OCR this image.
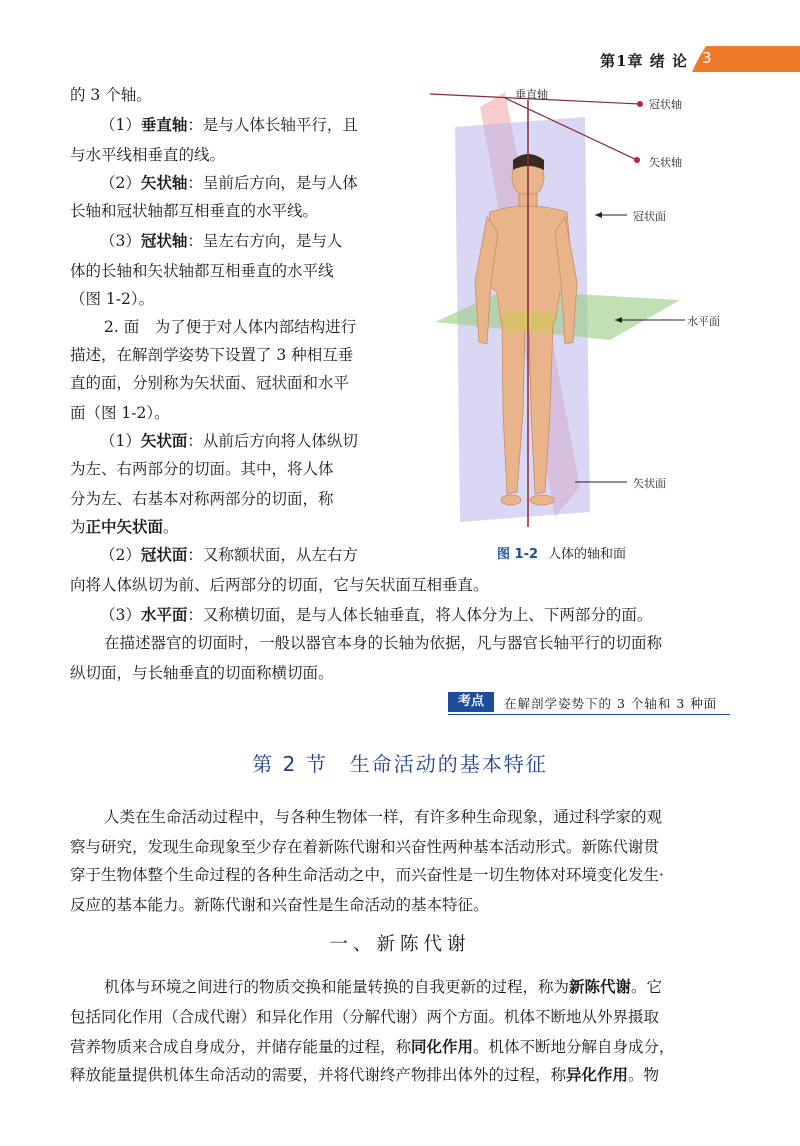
第1章 绪 论 3
的 3 个轴。
（1）垂直轴：是与人体长轴平行，且
与水平线相垂直的线。
（2）矢状轴：呈前后方向，是与人体
长轴和冠状轴都互相垂直的水平线。
（3）冠状轴：呈左右方向，是与人
体的长轴和矢状轴都互相垂直的水平线
（图 1-2）。
2. 面　为了便于对人体内部结构进行
描述，在解剖学姿势下设置了 3 种相互垂
直的面，分别称为矢状面、冠状面和水平
面（图 1-2）。
（1）矢状面：从前后方向将人体纵切
为左、右两部分的切面。其中，将人体
分为左、右基本对称两部分的切面，称
为正中矢状面。
（2）冠状面：又称额状面，从左右方
向将人体纵切为前、后两部分的切面，它与矢状面互相垂直。
（3）水平面：又称横切面，是与人体长轴垂直，将人体分为上、下两部分的面。
在描述器官的切面时，一般以器官本身的长轴为依据，凡与器官长轴平行的切面称
纵切面，与长轴垂直的切面称横切面。
人类在生命活动过程中，与各种生物体一样，有许多种生命现象，通过科学家的观
察与研究，发现生命现象至少存在着新陈代谢和兴奋性两种基本活动形式。新陈代谢贯
穿于生物体整个生命过程的各种生命活动之中，而兴奋性是一切生物体对环境变化发生·
反应的基本能力。新陈代谢和兴奋性是生命活动的基本特征。
机体与环境之间进行的物质交换和能量转换的自我更新的过程，称为新陈代谢。它
包括同化作用（合成代谢）和异化作用（分解代谢）两个方面。机体不断地从外界摄取
营养物质来合成自身成分，并储存能量的过程，称同化作用。机体不断地分解自身成分，
释放能量提供机体生命活动的需要，并将代谢终产物排出体外的过程，称异化作用。物
垂直轴
冠状轴
矢状轴
冠状面
水平面
矢状面
图 1-2 人体的轴和面
考点	在解剖学姿势下的 3 个轴和 3 种面
第 2 节　生命活动的基本特征
一、新陈代谢
